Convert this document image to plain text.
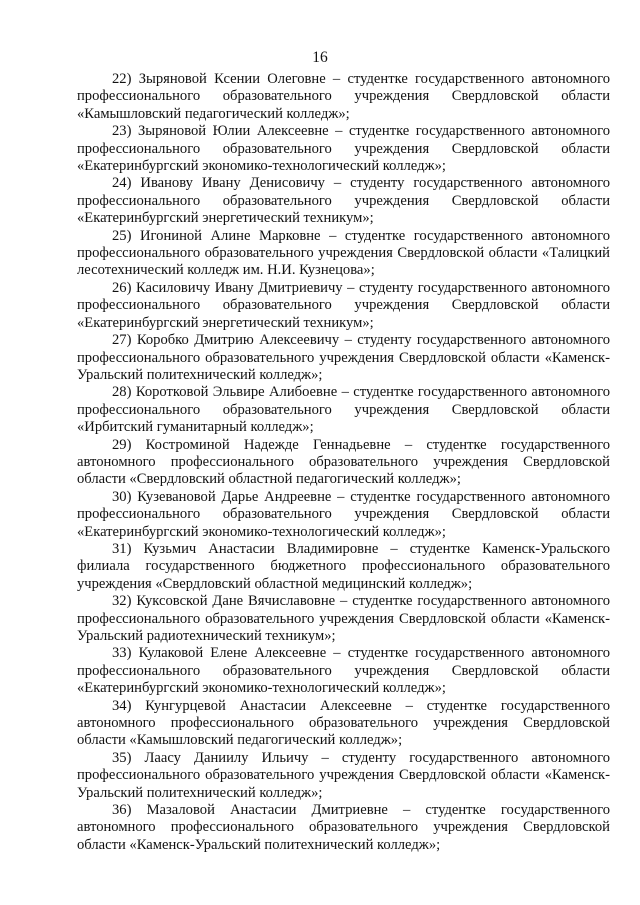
16

22) Зыряновой Ксении Олеговне – студентке государственного автономного профессионального образовательного учреждения Свердловской области «Камышловский педагогический колледж»;

23) Зыряновой Юлии Алексеевне – студентке государственного автономного профессионального образовательного учреждения Свердловской области «Екатеринбургский экономико-технологический колледж»;

24) Иванову Ивану Денисовичу – студенту государственного автономного профессионального образовательного учреждения Свердловской области «Екатеринбургский энергетический техникум»;

25) Игониной Алине Марковне – студентке государственного автономного профессионального образовательного учреждения Свердловской области «Талицкий лесотехнический колледж им. Н.И. Кузнецова»;

26) Касиловичу Ивану Дмитриевичу – студенту государственного автономного профессионального образовательного учреждения Свердловской области «Екатеринбургский энергетический техникум»;

27) Коробко Дмитрию Алексеевичу – студенту государственного автономного профессионального образовательного учреждения Свердловской области «Каменск-Уральский политехнический колледж»;

28) Коротковой Эльвире Алибоевне – студентке государственного автономного профессионального образовательного учреждения Свердловской области «Ирбитский гуманитарный колледж»;

29) Костроминой Надежде Геннадьевне – студентке государственного автономного профессионального образовательного учреждения Свердловской области «Свердловский областной педагогический колледж»;

30) Кузевановой Дарье Андреевне – студентке государственного автономного профессионального образовательного учреждения Свердловской области «Екатеринбургский экономико-технологический колледж»;

31) Кузьмич Анастасии Владимировне – студентке Каменск-Уральского филиала государственного бюджетного профессионального образовательного учреждения «Свердловский областной медицинский колледж»;

32) Куксовской Дане Вячиславовне – студентке государственного автономного профессионального образовательного учреждения Свердловской области «Каменск-Уральский радиотехнический техникум»;

33) Кулаковой Елене Алексеевне – студентке государственного автономного профессионального образовательного учреждения Свердловской области «Екатеринбургский экономико-технологический колледж»;

34) Кунгурцевой Анастасии Алексеевне – студентке государственного автономного профессионального образовательного учреждения Свердловской области «Камышловский педагогический колледж»;

35) Лаасу Даниилу Ильичу – студенту государственного автономного профессионального образовательного учреждения Свердловской области «Каменск-Уральский политехнический колледж»;

36) Мазаловой Анастасии Дмитриевне – студентке государственного автономного профессионального образовательного учреждения Свердловской области «Каменск-Уральский политехнический колледж»;
